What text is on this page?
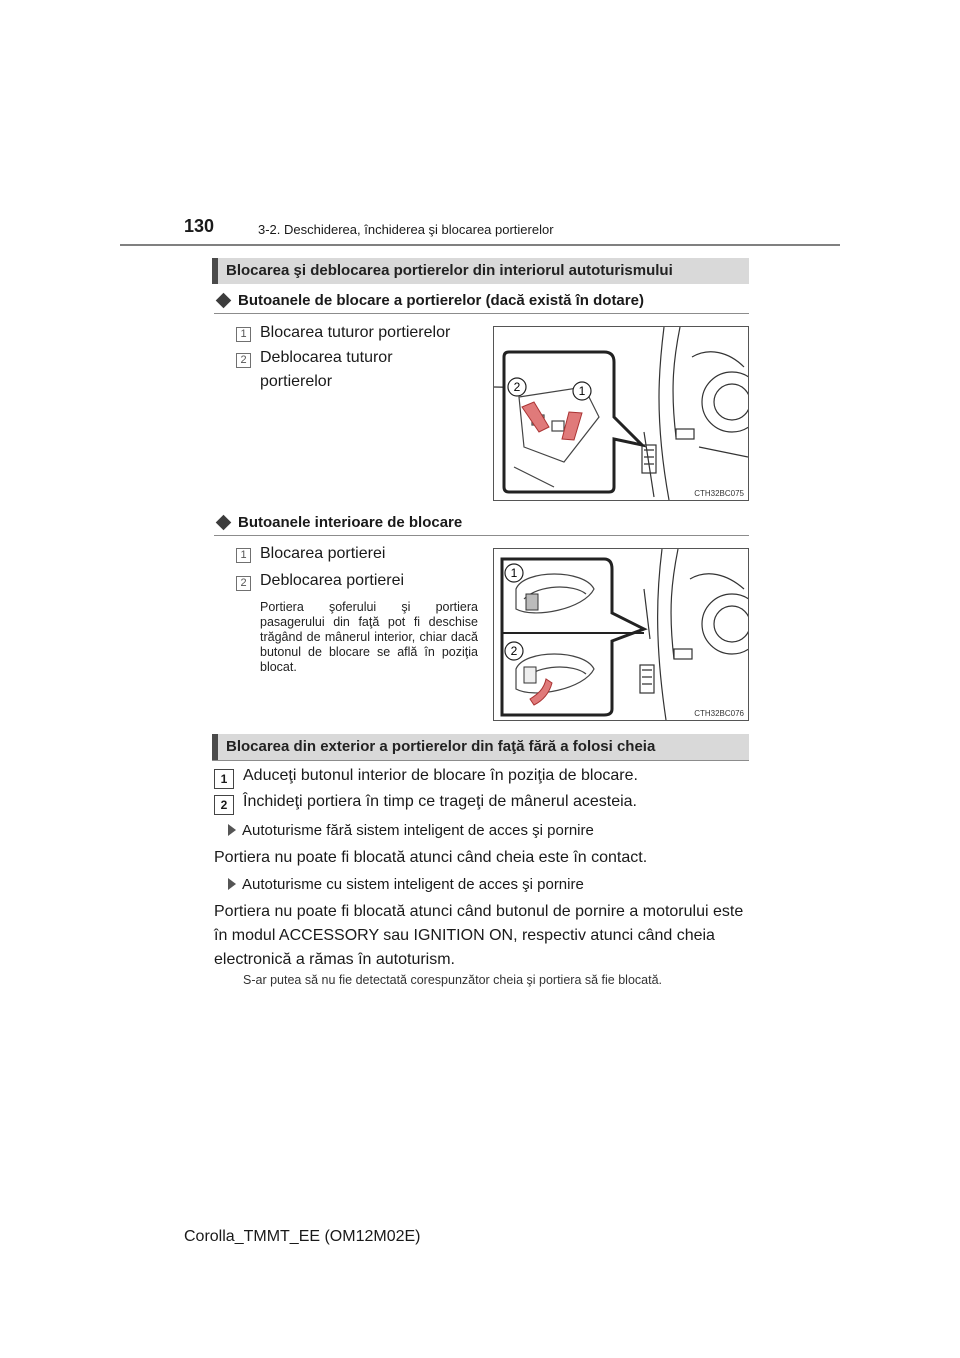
130	3-2. Deschiderea, închiderea şi blocarea portierelor
Blocarea şi deblocarea portierelor din interiorul autoturismului
Butoanele de blocare a portierelor (dacă există în dotare)
1 Blocarea tuturor portierelor
2 Deblocarea tuturor
portierelor	2	1
CTH32BC075
Butoanele interioare de blocare
1 Blocarea portierei
2 Deblocarea portierei
Portiera şoferului şi portiera pasagerului din faţă pot fi deschise trăgând de mânerul interior, chiar dacă butonul de blocare se află în poziţia blocat.
1
2
CTH32BC076
Blocarea din exterior a portierelor din faţă fără a folosi cheia
1 Aduceţi butonul interior de blocare în poziţia de blocare.
2 Închideţi portiera în timp ce trageţi de mânerul acesteia.
Autoturisme fără sistem inteligent de acces şi pornire
Portiera nu poate fi blocată atunci când cheia este în contact.
Autoturisme cu sistem inteligent de acces şi pornire
Portiera nu poate fi blocată atunci când butonul de pornire a motorului este în modul ACCESSORY sau IGNITION ON, respectiv atunci când cheia electronică a rămas în autoturism.
S-ar putea să nu fie detectată corespunzător cheia şi portiera să fie blocată.
Corolla_TMMT_EE (OM12M02E)
